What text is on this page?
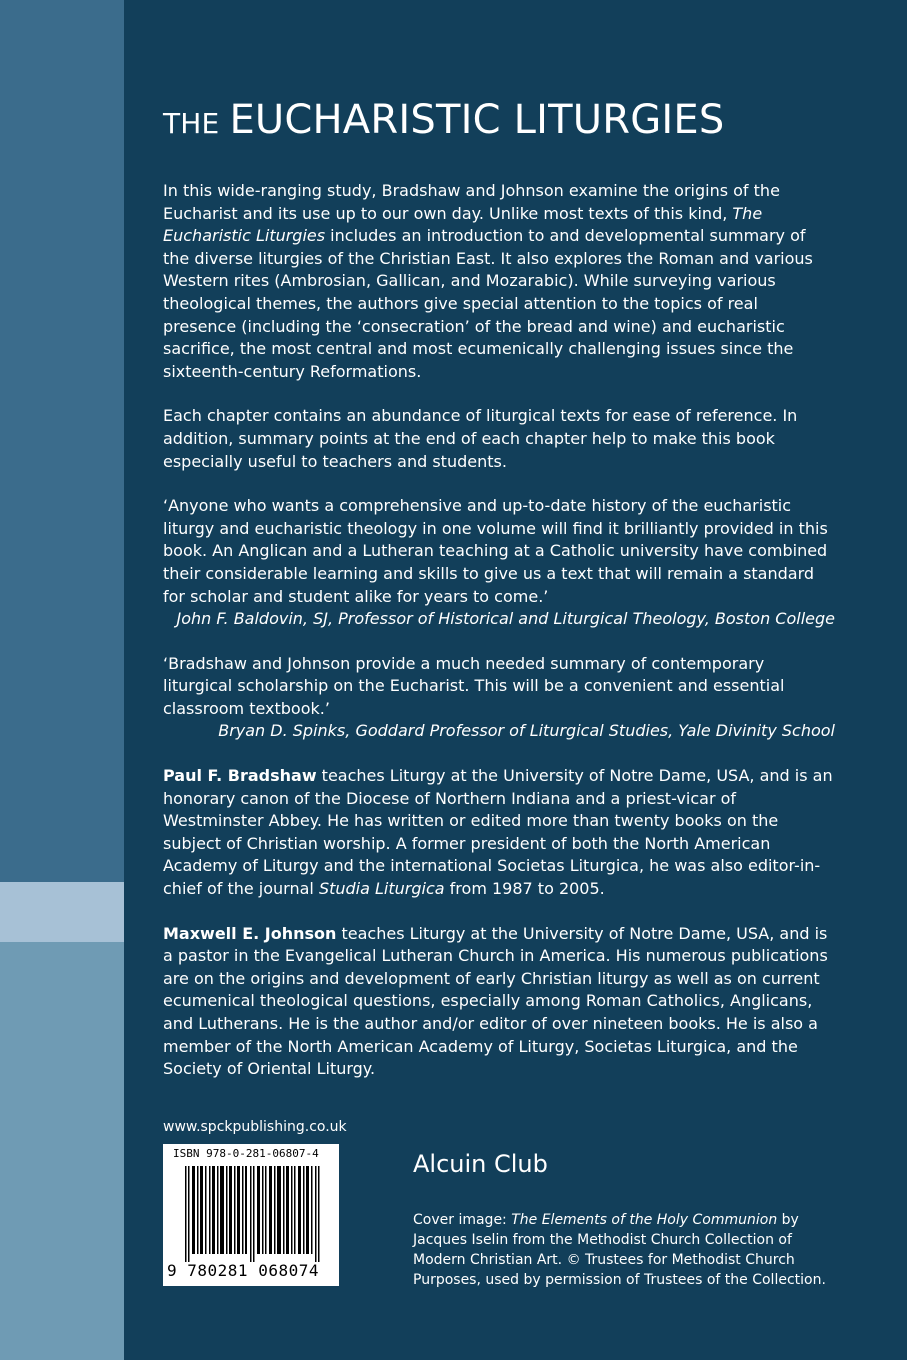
THE EUCHARISTIC LITURGIES

In this wide-ranging study, Bradshaw and Johnson examine the origins of the Eucharist and its use up to our own day. Unlike most texts of this kind, The Eucharistic Liturgies includes an introduction to and developmental summary of the diverse liturgies of the Christian East. It also explores the Roman and various Western rites (Ambrosian, Gallican, and Mozarabic). While surveying various theological themes, the authors give special attention to the topics of real presence (including the ‘consecration’ of the bread and wine) and eucharistic sacrifice, the most central and most ecumenically challenging issues since the sixteenth-century Reformations.

Each chapter contains an abundance of liturgical texts for ease of reference. In addition, summary points at the end of each chapter help to make this book especially useful to teachers and students.

‘Anyone who wants a comprehensive and up-to-date history of the eucharistic liturgy and eucharistic theology in one volume will find it brilliantly provided in this book. An Anglican and a Lutheran teaching at a Catholic university have combined their considerable learning and skills to give us a text that will remain a standard for scholar and student alike for years to come.’

John F. Baldovin, SJ, Professor of Historical and Liturgical Theology, Boston College

‘Bradshaw and Johnson provide a much needed summary of contemporary liturgical scholarship on the Eucharist. This will be a convenient and essential classroom textbook.’

Bryan D. Spinks, Goddard Professor of Liturgical Studies, Yale Divinity School

Paul F. Bradshaw teaches Liturgy at the University of Notre Dame, USA, and is an honorary canon of the Diocese of Northern Indiana and a priest-vicar of Westminster Abbey. He has written or edited more than twenty books on the subject of Christian worship. A former president of both the North American Academy of Liturgy and the international Societas Liturgica, he was also editor-in-chief of the journal Studia Liturgica from 1987 to 2005.

Maxwell E. Johnson teaches Liturgy at the University of Notre Dame, USA, and is a pastor in the Evangelical Lutheran Church in America. His numerous publications are on the origins and development of early Christian liturgy as well as on current ecumenical theological questions, especially among Roman Catholics, Anglicans, and Lutherans. He is the author and/or editor of over nineteen books. He is also a member of the North American Academy of Liturgy, Societas Liturgica, and the Society of Oriental Liturgy.

www.spckpublishing.co.uk
ISBN 978-0-281-06807-4
9 780281 068074
Alcuin Club
Cover image: The Elements of the Holy Communion by Jacques Iselin from the Methodist Church Collection of Modern Christian Art. © Trustees for Methodist Church Purposes, used by permission of Trustees of the Collection.
